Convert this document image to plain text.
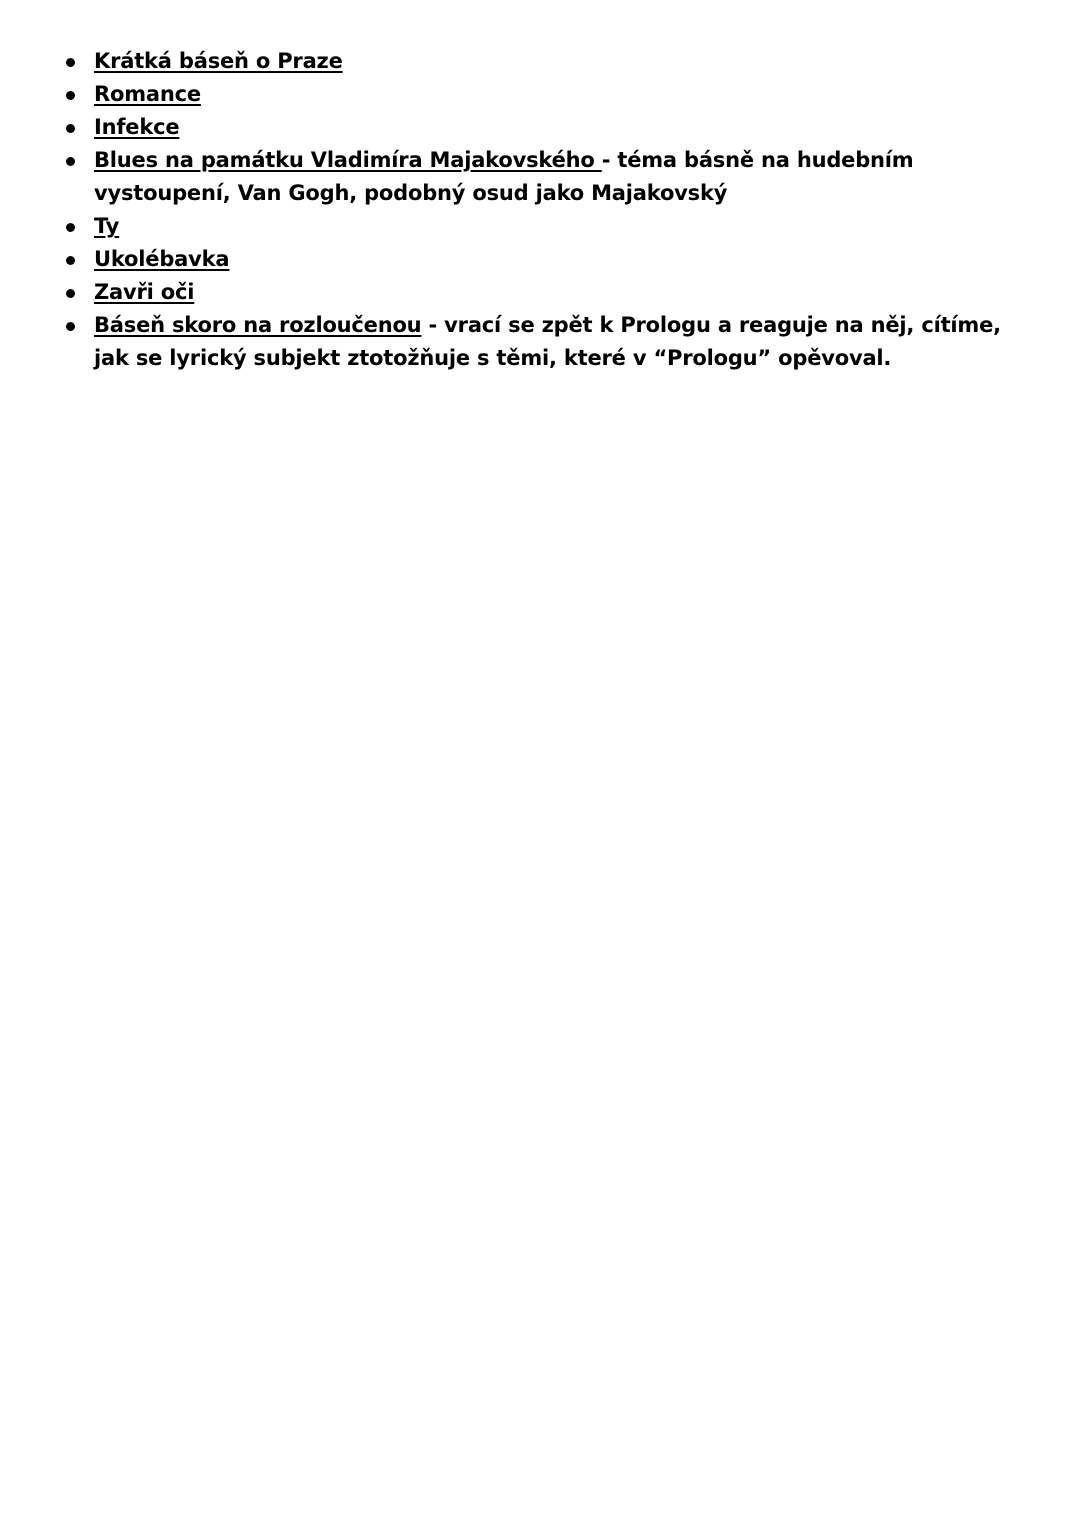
Krátká báseň o Praze
Romance
Infekce
Blues na památku Vladimíra Majakovského - téma básně na hudebním vystoupení, Van Gogh, podobný osud jako Majakovský
Ty
Ukolébavka
Zavři oči
Báseň skoro na rozloučenou - vrací se zpět k Prologu a reaguje na něj, cítíme, jak se lyrický subjekt ztotožňuje s těmi, které v “Prologu” opěvoval.
